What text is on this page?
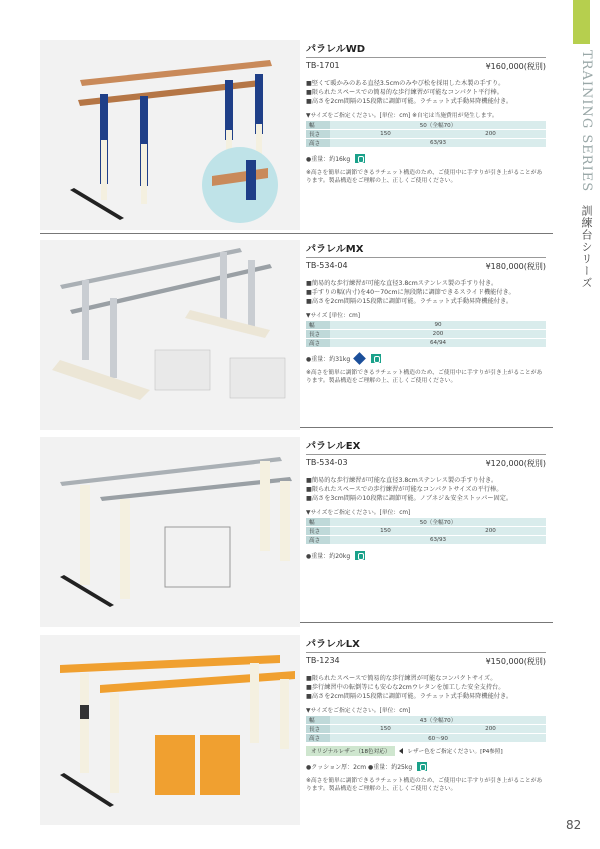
TRAINING SERIES 訓練台シリーズ
82
パラレルWD
TB-1701	¥160,000(税別)
■堅くて暖かみのある直径3.5cmのみやび松を採用した木製の手すり。
■限られたスペースでの簡易的な歩行練習が可能なコンパクト平行棒。
■高さを2cm間隔の15段階に調節可能。ラチェット式手動昇降機能付き。
▼サイズをご指定ください。[単位：cm] ※自宅は当施費用が発生します。
幅	50（全幅70）
長さ	150 200

高さ	63/93
●重量：約16kg
※高さを簡単に調節できるラチェット構造のため、ご使用中に手すりが引き上がることがあります。製品構造をご理解の上、正しくご使用ください。
パラレルMX
TB-534-04	¥180,000(税別)
■簡易的な歩行練習が可能な直径3.8cmステンレス製の手すり付き。
■手すりの幅(内寸)を40～70cmに無段階に調節できるスライド機能付き。
■高さを2cm間隔の15段階に調節可能。ラチェット式手動昇降機能付き。
▼サイズ [単位：cm]
幅	90
長さ	200
高さ	64/94
●重量：約31kg
※高さを簡単に調節できるラチェット構造のため、ご使用中に手すりが引き上がることがあります。製品構造をご理解の上、正しくご使用ください。
パラレルEX
TB-534-03	¥120,000(税別)
■簡易的な歩行練習が可能な直径3.8cmステンレス製の手すり付き。
■限られたスペースでの歩行練習が可能なコンパクトサイズの平行棒。
■高さを3cm間隔の10段階に調節可能。ノブネジ＆安全ストッパー固定。
▼サイズをご指定ください。[単位：cm]
幅	50（全幅70）
長さ	150 200

高さ	63/93
●重量：約20kg
パラレルLX
TB-1234	¥150,000(税別)
■限られたスペースで簡易的な歩行練習が可能なコンパクトサイズ。
■歩行練習中の転倒等にも安心な2cmウレタンを加工した安全支持台。
■高さを2cm間隔の15段階に調節可能。ラチェット式手動昇降機能付き。
▼サイズをご指定ください。[単位：cm]
幅	43（全幅70）
長さ	150 200

高さ	60～90
オリジナルレザー（18色対応）	レザー色をご指定ください。[P4参照]
●クッション厚：2cm ●重量：約25kg
※高さを簡単に調節できるラチェット構造のため、ご使用中に手すりが引き上がることがあります。製品構造をご理解の上、正しくご使用ください。
